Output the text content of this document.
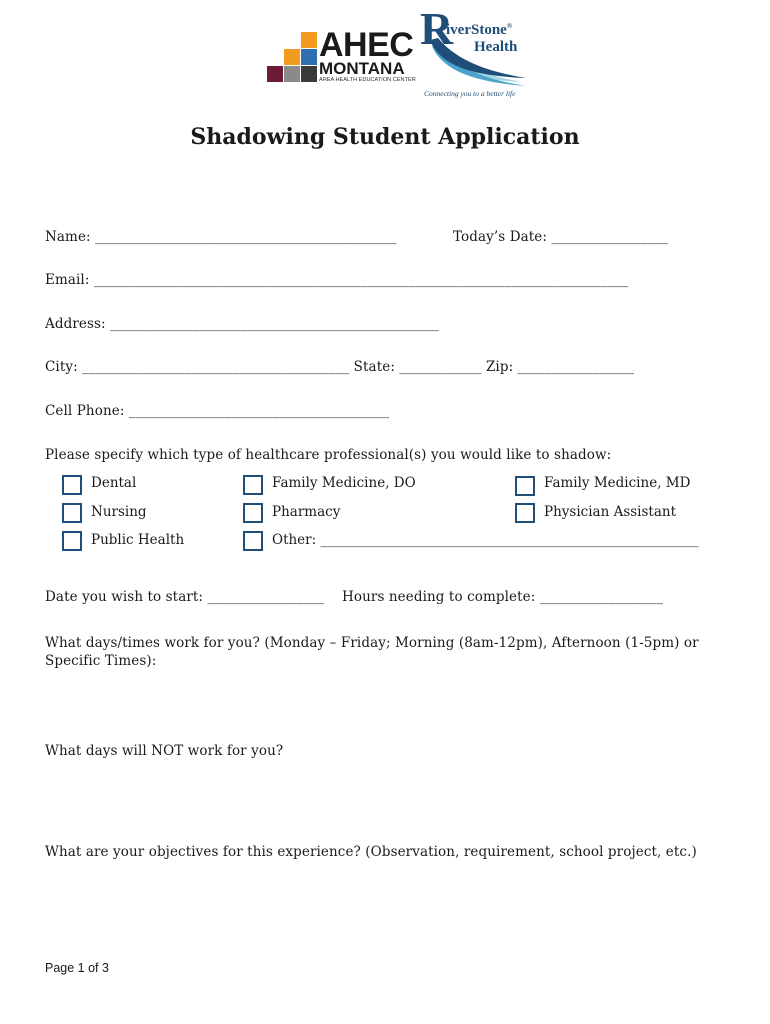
AHEC
MONTANA
AREA HEALTH EDUCATION CENTER
R
iverStone®
Health
Connecting you to a better life
Shadowing Student Application
Name: ____________________________________________	Today’s Date: _________________
Email: ______________________________________________________________________________
Address: ________________________________________________
City: _______________________________________ State: ____________ Zip: _________________
Cell Phone: ______________________________________
Please specify which type of healthcare professional(s) you would like to shadow:
Dental
Nursing
Public Health
Family Medicine, DO
Pharmacy
Other: ________________________________________________________
Family Medicine, MD
Physician Assistant
Date you wish to start: _________________ Hours needing to complete: __________________
What days/times work for you? (Monday – Friday; Morning (8am-12pm), Afternoon (1-5pm) or
Specific Times):
What days will NOT work for you?
What are your objectives for this experience? (Observation, requirement, school project, etc.)
Page 1 of 3
